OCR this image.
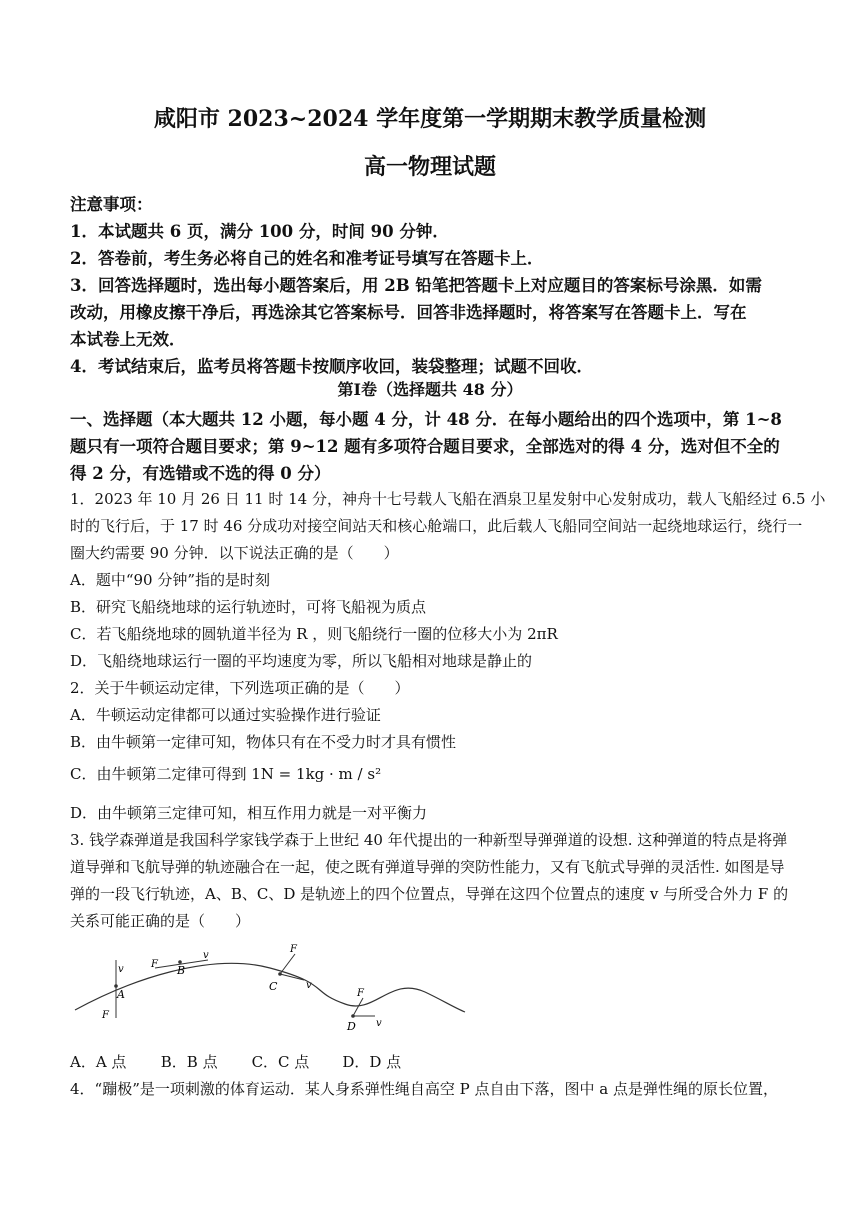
咸阳市 2023~2024 学年度第一学期期末教学质量检测
高一物理试题
注意事项：
1．本试题共 6 页，满分 100 分，时间 90 分钟．
2．答卷前，考生务必将自己的姓名和准考证号填写在答题卡上．
3．回答选择题时，选出每小题答案后，用 2B 铅笔把答题卡上对应题目的答案标号涂黑．如需
改动，用橡皮擦干净后，再选涂其它答案标号．回答非选择题时，将答案写在答题卡上．写在
本试卷上无效．
4．考试结束后，监考员将答题卡按顺序收回，装袋整理；试题不回收．
第Ⅰ卷（选择题共 48 分）
一、选择题（本大题共 12 小题，每小题 4 分，计 48 分．在每小题给出的四个选项中，第 1~8
题只有一项符合题目要求；第 9~12 题有多项符合题目要求，全部选对的得 4 分，选对但不全的
得 2 分，有选错或不选的得 0 分）
1．2023 年 10 月 26 日 11 时 14 分，神舟十七号载人飞船在酒泉卫星发射中心发射成功，载人飞船经过 6.5 小
时的飞行后，于 17 时 46 分成功对接空间站天和核心舱端口，此后载人飞船同空间站一起绕地球运行，绕行一
圈大约需要 90 分钟．以下说法正确的是（　　）
A．题中“90 分钟”指的是时刻
B．研究飞船绕地球的运行轨迹时，可将飞船视为质点
C．若飞船绕地球的圆轨道半径为 R ，则飞船绕行一圈的位移大小为 2πR
D．飞船绕地球运行一圈的平均速度为零，所以飞船相对地球是静止的
2．关于牛顿运动定律，下列选项正确的是（　　）
A．牛顿运动定律都可以通过实验操作进行验证
B．由牛顿第一定律可知，物体只有在不受力时才具有惯性
C．由牛顿第二定律可得到 1N = 1kg · m / s²
D．由牛顿第三定律可知，相互作用力就是一对平衡力
3. 钱学森弹道是我国科学家钱学森于上世纪 40 年代提出的一种新型导弹弹道的设想. 这种弹道的特点是将弹
道导弹和飞航导弹的轨迹融合在一起，使之既有弹道导弹的突防性能力，又有飞航式导弹的灵活性. 如图是导
弹的一段飞行轨迹，A、B、C、D 是轨迹上的四个位置点，导弹在这四个位置点的速度 v 与所受合外力 F 的
关系可能正确的是（　　）
v
A
F
F B
v
F
C	v
F
D v
A．A 点 B．B 点 C．C 点 D．D 点
4．“蹦极”是一项刺激的体育运动．某人身系弹性绳自高空 P 点自由下落，图中 a 点是弹性绳的原长位置，
